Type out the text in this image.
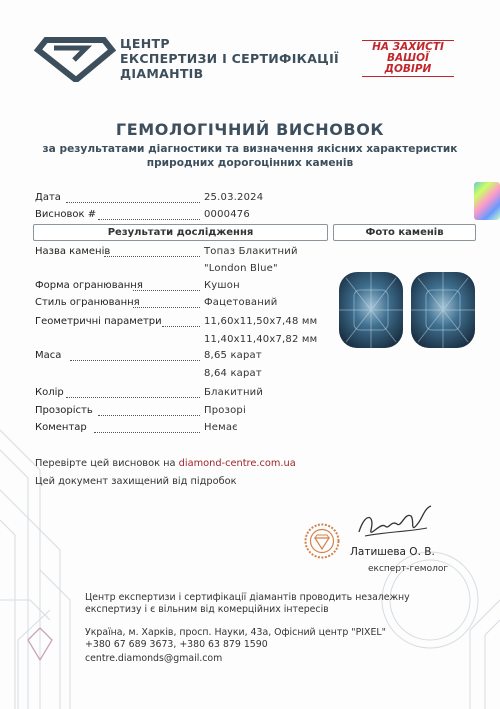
ЦЕНТР
ЕКСПЕРТИЗИ І СЕРТИФІКАЦІЇ
ДІАМАНТІВ
НА ЗАХИСТІ
ВАШОЇ
ДОВІРИ
ГЕМОЛОГІЧНИЙ ВИСНОВОК
за результатами діагностики та визначення якісних характеристик
природних дорогоцінних каменів
Дата	25.03.2024
Висновок #	0000476
Результати дослідження	Фото каменів
Назва каменів	Топаз Блакитний
"London Blue"
Форма огранювання	Кушон
Стиль огранювання	Фацетований
Геометричні параметри	11,60х11,50х7,48 мм
11,40х11,40х7,82 мм
Маса	8,65 карат
8,64 карат
Колір	Блакитний
Прозорість	Прозорі
Коментар	Немає
Перевірте цей висновок на diamond-centre.com.ua
Цей документ захищений від підробок
Латишева О. В.
експерт-гемолог
Центр експертизи і сертифікації діамантів проводить незалежну
експертизу і є вільним від комерційних інтересів
Україна, м. Харків, просп. Науки, 43а, Офісний центр "PIXEL"
+380 67 689 3673, +380 63 879 1590
centre.diamonds@gmail.com
